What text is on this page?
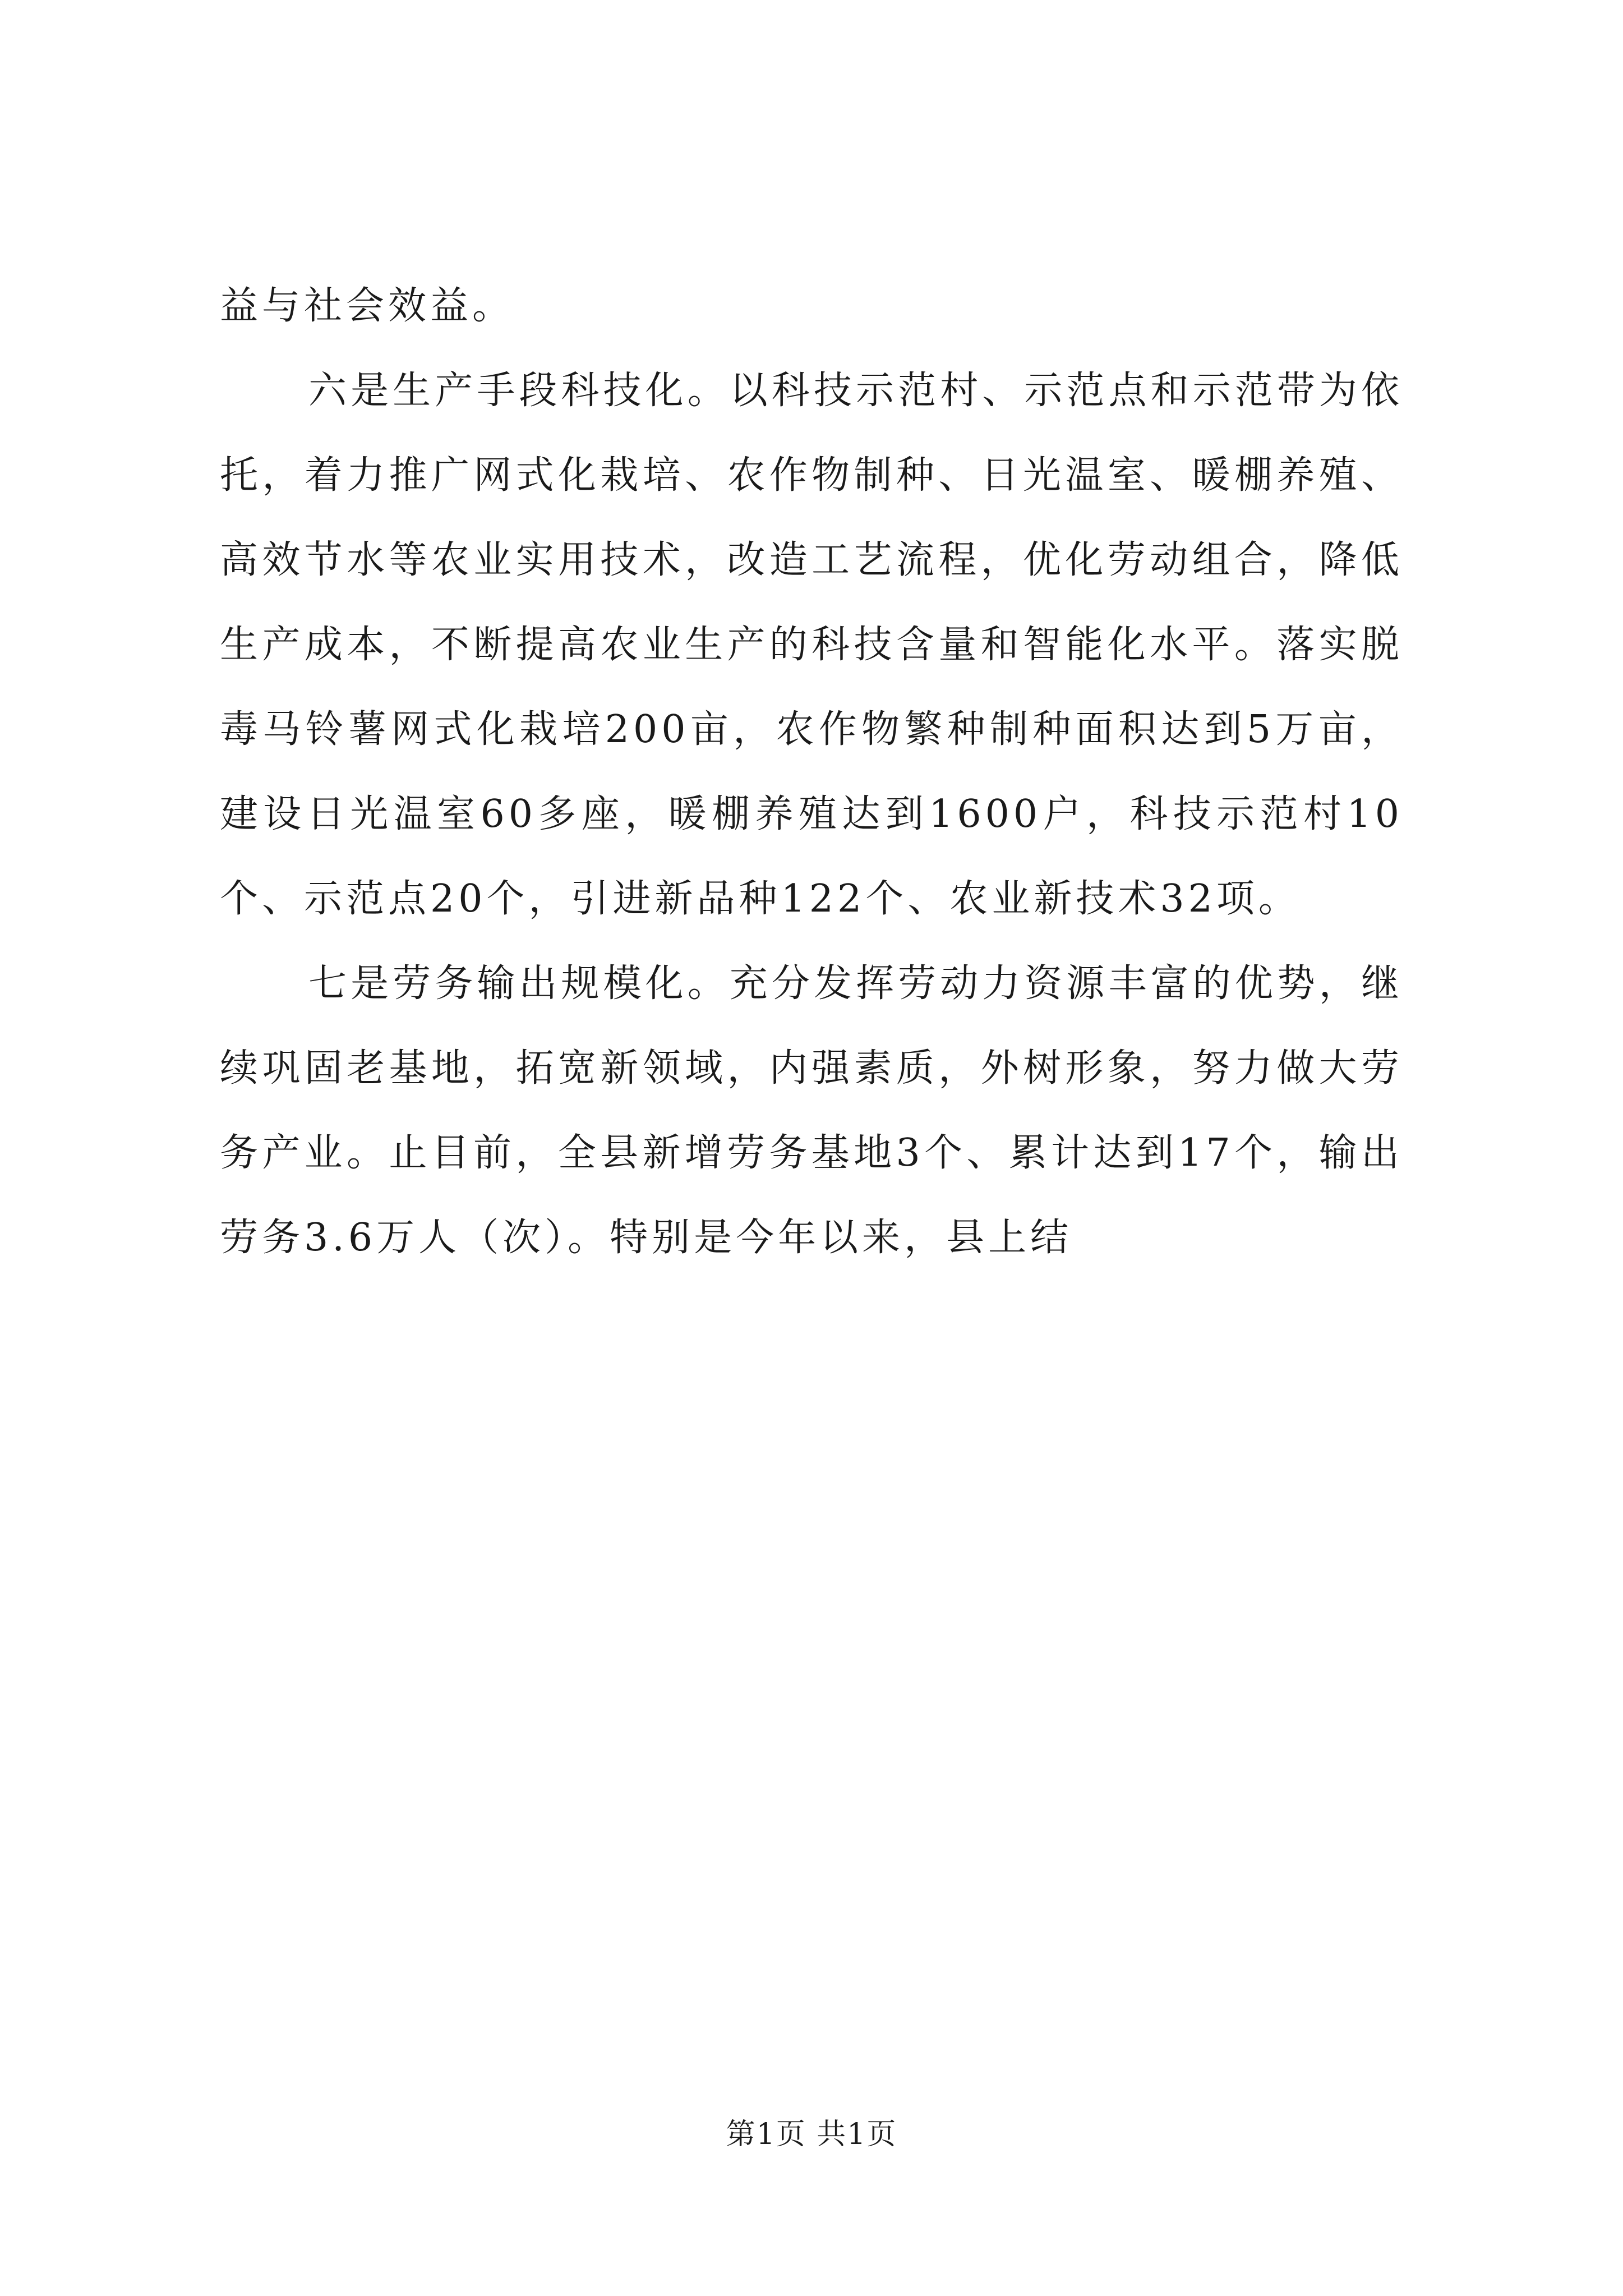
益与社会效益。

六是生产手段科技化。以科技示范村、示范点和示范带为依托，着力推广网式化栽培、农作物制种、日光温室、暖棚养殖、高效节水等农业实用技术，改造工艺流程，优化劳动组合，降低生产成本，不断提高农业生产的科技含量和智能化水平。落实脱毒马铃薯网式化栽培200亩，农作物繁种制种面积达到5万亩，建设日光温室60多座，暖棚养殖达到1600户，科技示范村10个、示范点20个，引进新品种122个、农业新技术32项。

七是劳务输出规模化。充分发挥劳动力资源丰富的优势，继续巩固老基地，拓宽新领域，内强素质，外树形象，努力做大劳务产业。止目前，全县新增劳务基地3个、累计达到17个，输出劳务3.6万人（次）。特别是今年以来，县上结

第1页 共1页
